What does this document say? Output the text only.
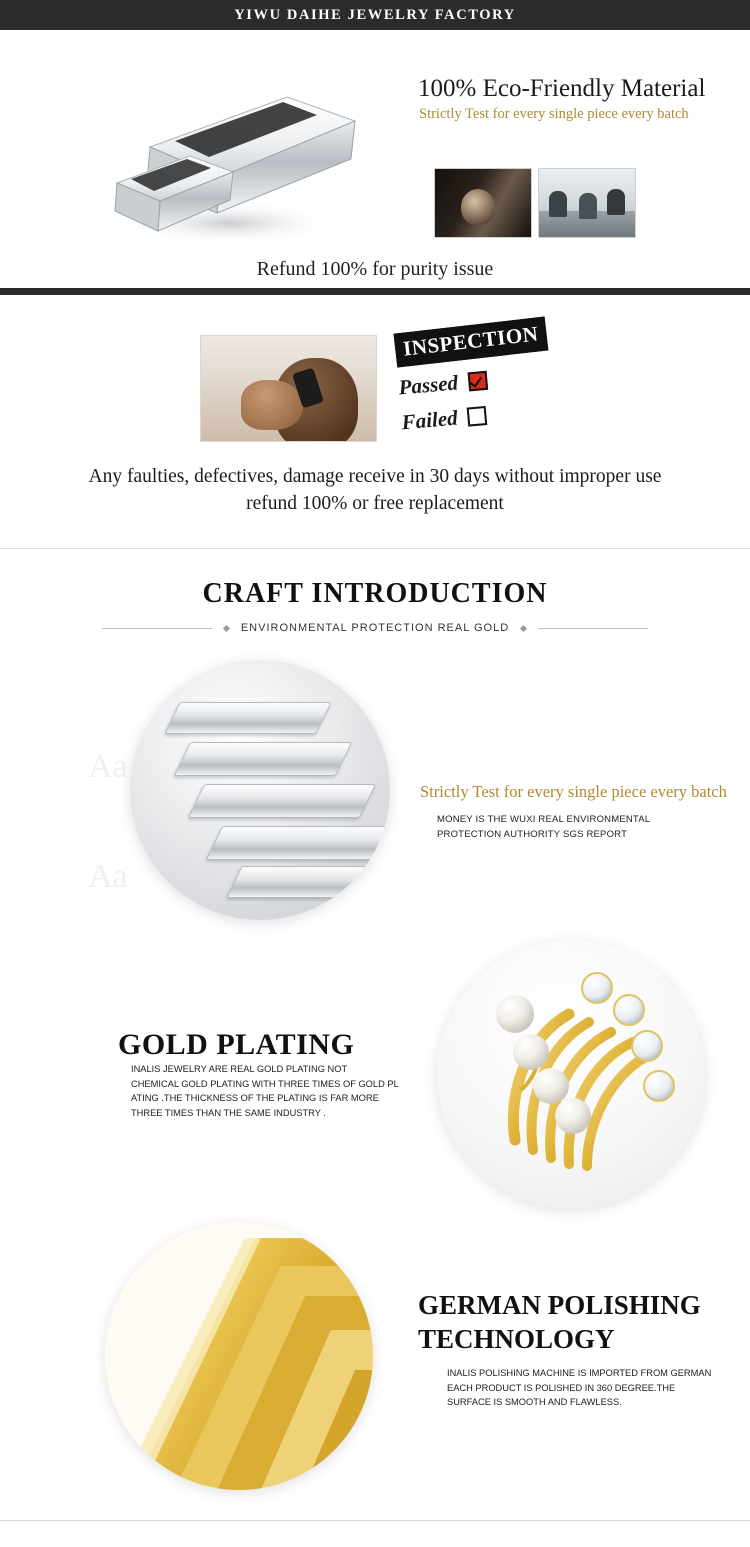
YIWU DAIHE JEWELRY FACTORY
100% Eco-Friendly Material
Strictly Test for every single piece every batch
Refund 100% for purity issue
INSPECTION
Passed
Failed
Any faulties, defectives, damage receive in 30 days without improper use
refund 100% or free replacement
CRAFT INTRODUCTION
ENVIRONMENTAL PROTECTION REAL GOLD
Aa
Aa
Strictly Test for every single piece every batch
MONEY IS THE WUXI REAL ENVIRONMENTAL
PROTECTION AUTHORITY SGS REPORT
GOLD PLATING
INALIS JEWELRY ARE REAL GOLD PLATING NOT
CHEMICAL GOLD PLATING WITH THREE TIMES OF GOLD PL
ATING .THE THICKNESS OF THE PLATING IS FAR MORE
THREE TIMES THAN THE SAME INDUSTRY .
GERMAN POLISHING
TECHNOLOGY
INALIS POLISHING MACHINE IS IMPORTED FROM GERMAN
EACH PRODUCT IS POLISHED IN 360 DEGREE.THE
SURFACE IS SMOOTH AND FLAWLESS.
